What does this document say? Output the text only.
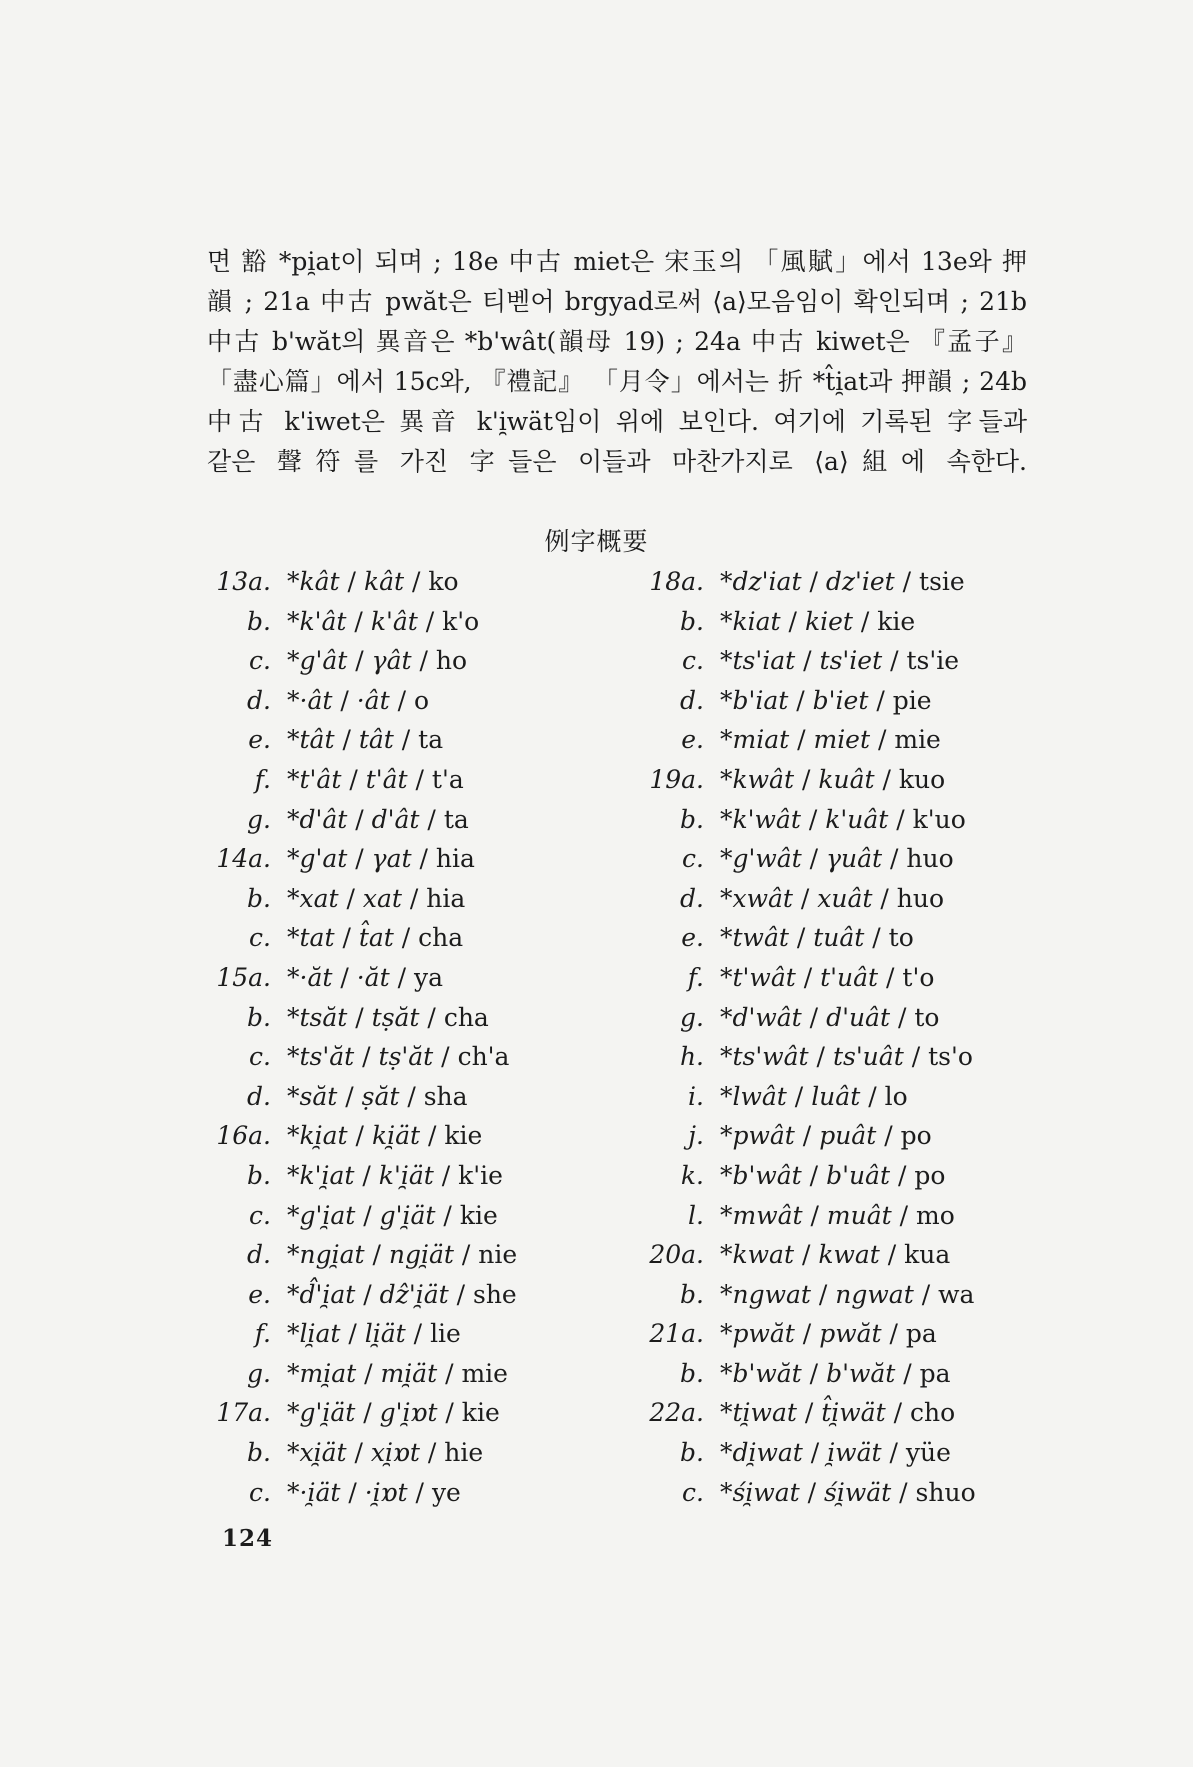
면 豁 *pi̯at이 되며 ; 18e 中古 miet은 宋玉의 「風賦」에서 13e와 押
韻 ; 21a 中古 pwăt은 티벧어 brgyad로써 ⟨a⟩모음임이 확인되며 ; 21b
中古 b'wăt의 異音은 *b'wât(韻母 19) ; 24a 中古 kiwet은 『孟子』
「盡心篇」에서 15c와, 『禮記』 「月令」에서는 折 *t̂i̯at과 押韻 ; 24b
中古 k'iwet은 異音 k'i̯wät임이 위에 보인다. 여기에 기록된 字들과
같은 聲符를 가진 字들은 이들과 마찬가지로 ⟨a⟩組에 속한다.
例字概要
13a. *kât / kât / ko
b. *k'ât / k'ât / k'o
c. *g'ât / γât / ho
d. *·ât / ·ât / o
e. *tât / tât / ta
f. *t'ât / t'ât / t'a
g. *d'ât / d'ât / ta
14a. *g'at / γat / hia
b. *xat / xat / hia
c. *tat / t̂at / cha
15a. *·ăt / ·ăt / ya
b. *tsăt / tṣăt / cha
c. *ts'ăt / tṣ'ăt / ch'a
d. *săt / ṣăt / sha
16a. *ki̯at / ki̯ät / kie
b. *k'i̯at / k'i̯ät / k'ie
c. *g'i̯at / g'i̯ät / kie
d. *ngi̯at / ngi̯ät / nie
e. *d̂'i̯at / dẑ'i̯ät / she
f. *li̯at / li̯ät / lie
g. *mi̯at / mi̯ät / mie
17a. *g'i̯ät / g'i̯ɒt / kie
b. *xi̯ät / xi̯ɒt / hie
c. *·i̯ät / ·i̯ɒt / ye
18a. *dz'iat / dz'iet / tsie
b. *kiat / kiet / kie
c. *ts'iat / ts'iet / ts'ie
d. *b'iat / b'iet / pie
e. *miat / miet / mie
19a. *kwât / kuât / kuo
b. *k'wât / k'uât / k'uo
c. *g'wât / γuât / huo
d. *xwât / xuât / huo
e. *twât / tuât / to
f. *t'wât / t'uât / t'o
g. *d'wât / d'uât / to
h. *ts'wât / ts'uât / ts'o
i. *lwât / luât / lo
j. *pwât / puât / po
k. *b'wât / b'uât / po
l. *mwât / muât / mo
20a. *kwat / kwat / kua
b. *ngwat / ngwat / wa
21a. *pwăt / pwăt / pa
b. *b'wăt / b'wăt / pa
22a. *ti̯wat / t̂i̯wät / cho
b. *di̯wat / i̯wät / yüe
c. *śi̯wat / śi̯wät / shuo
124
